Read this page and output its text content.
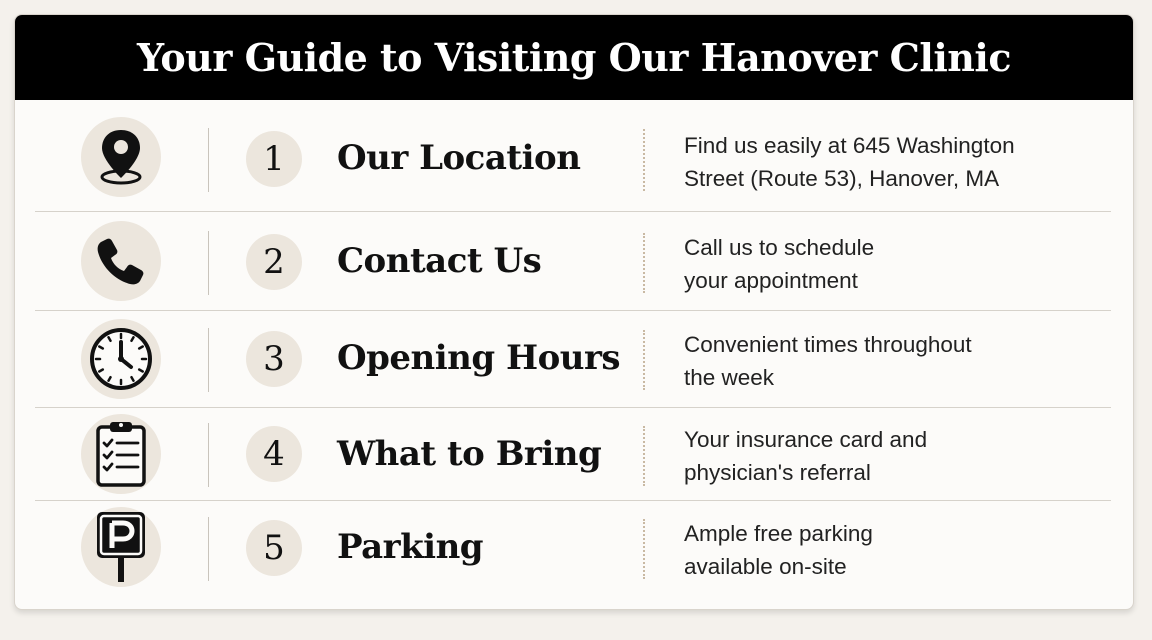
Your Guide to Visiting Our Hanover Clinic
1	Our Location	Find us easily at 645 Washington
Street (Route 53), Hanover, MA
2	Contact Us	Call us to schedule
your appointment
3	Opening Hours	Convenient times throughout
the week
4	What to Bring	Your insurance card and
physician's referral
5	Parking	Ample free parking
available on-site
